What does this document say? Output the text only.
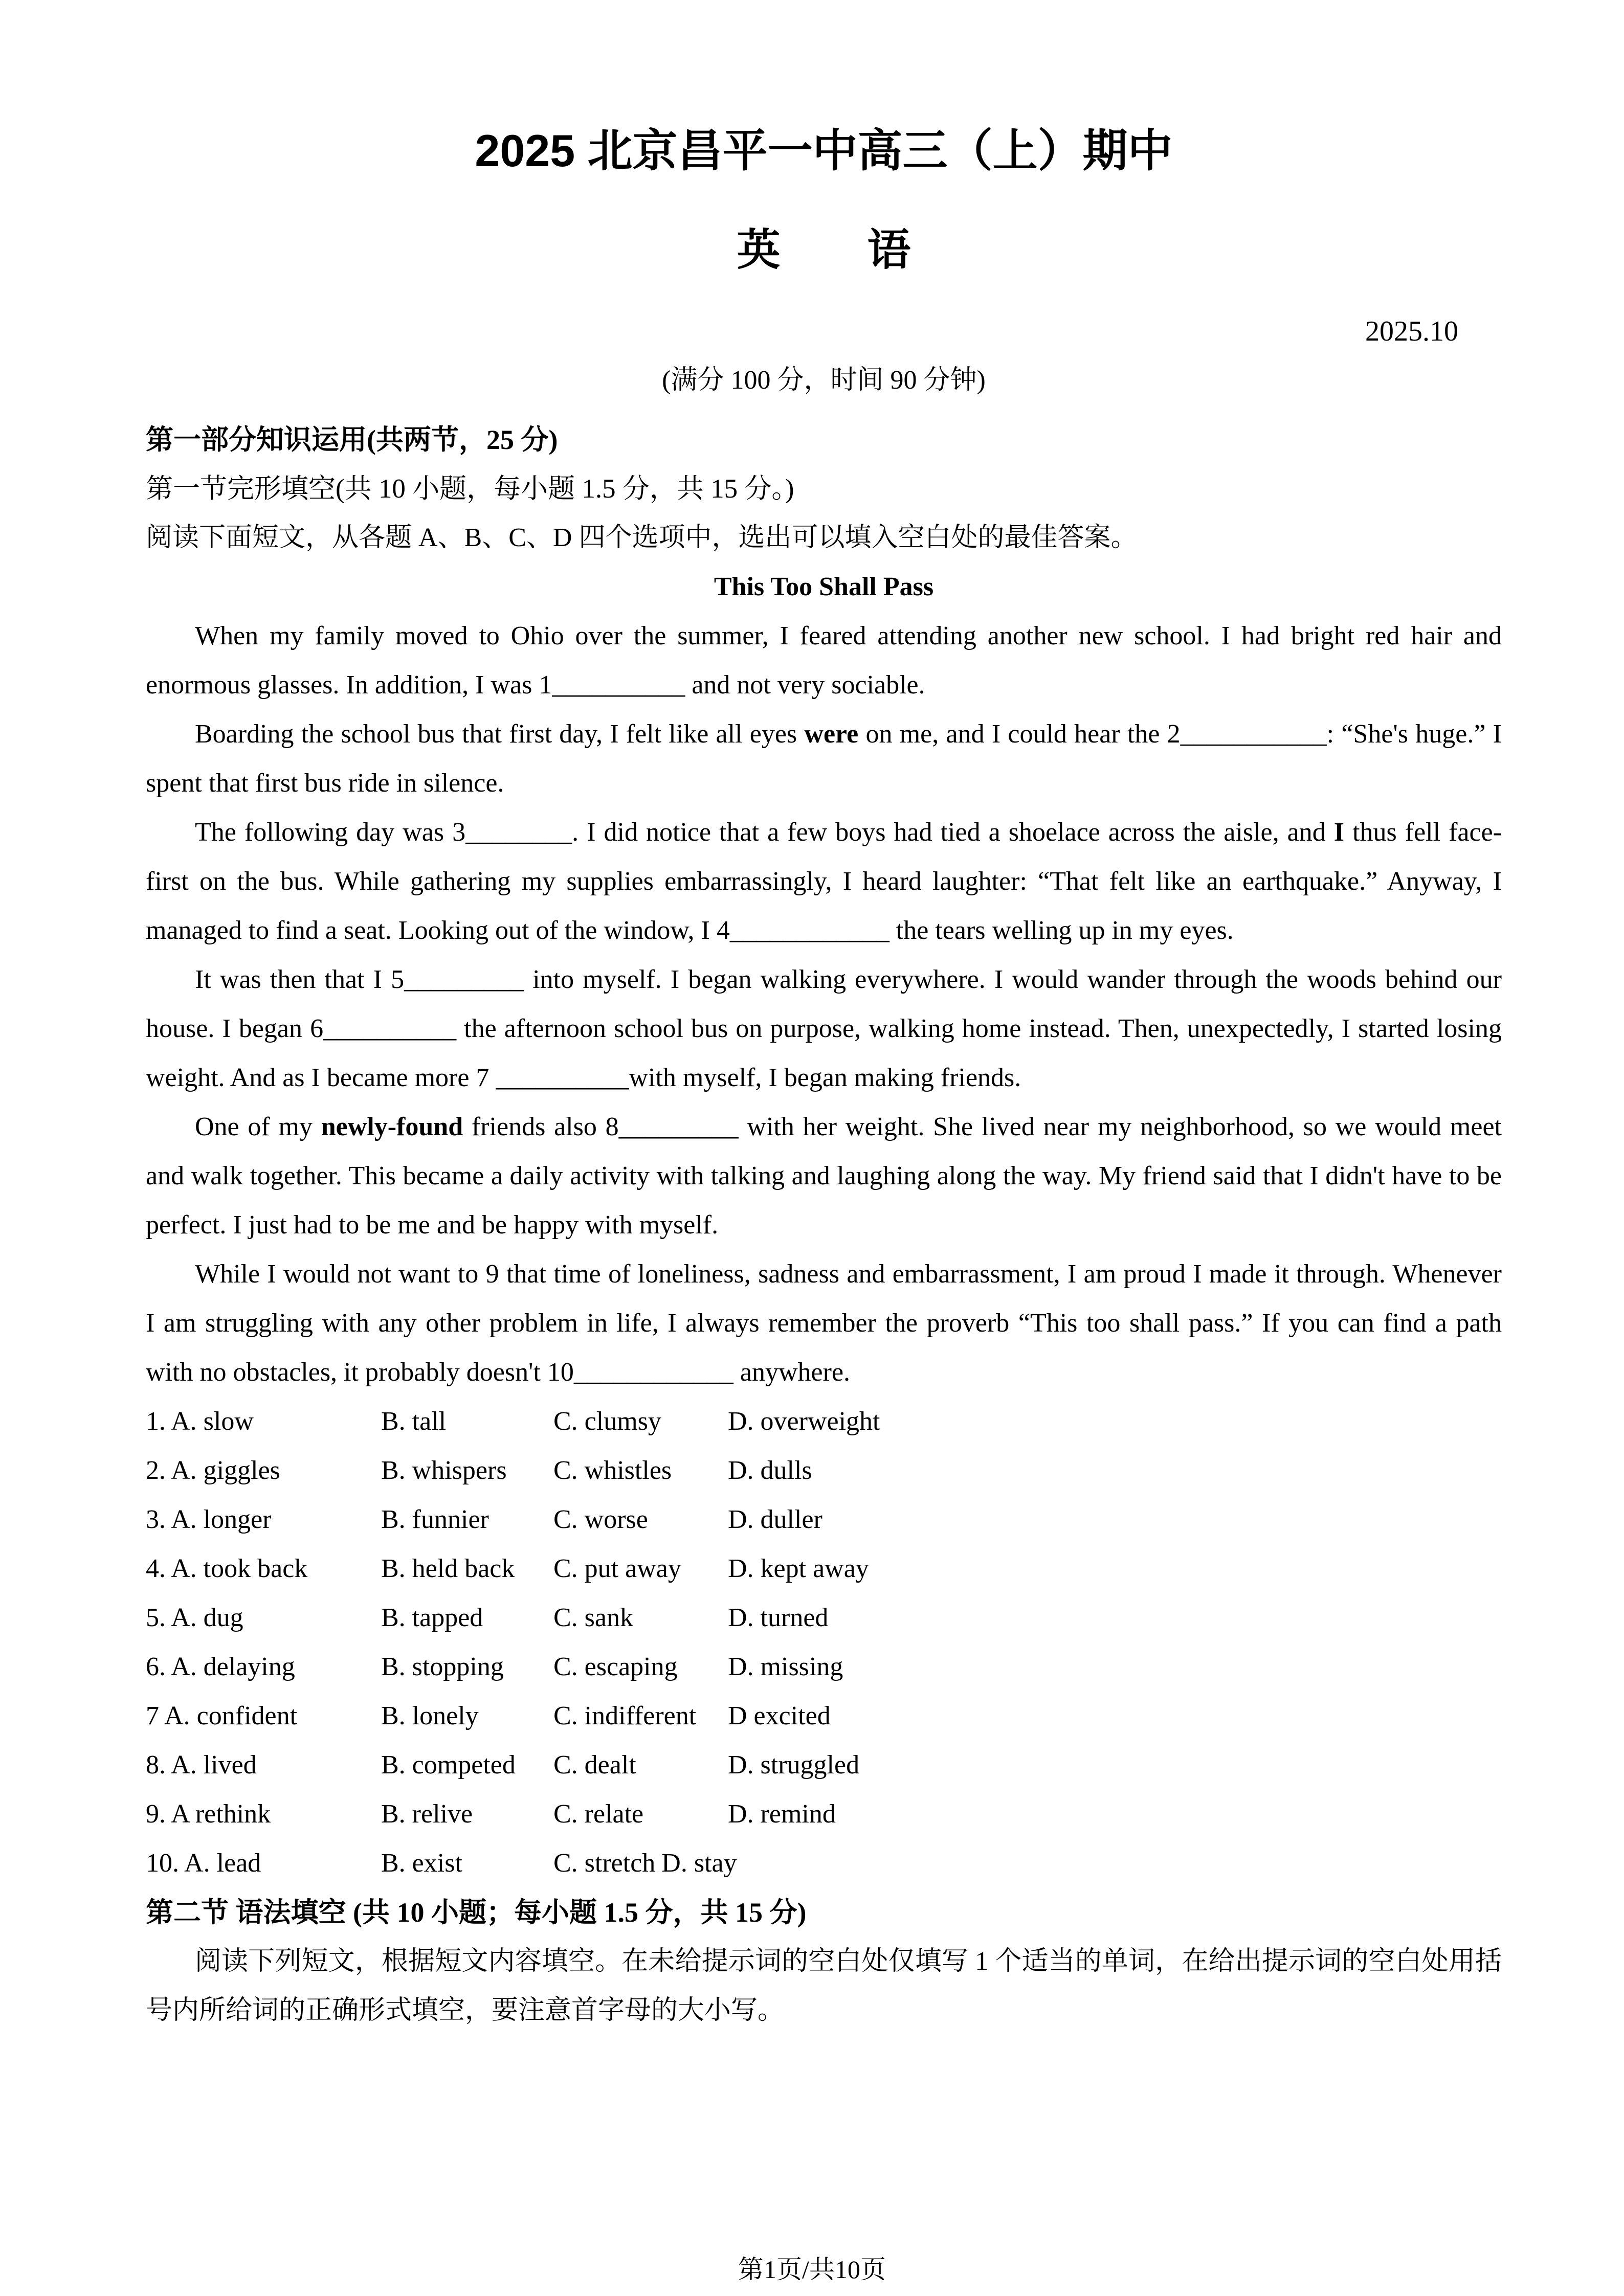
2025 北京昌平一中高三（上）期中
英　　语
2025.10
(满分 100 分，时间 90 分钟)
第一部分知识运用(共两节，25 分)
第一节完形填空(共 10 小题，每小题 1.5 分，共 15 分。)
阅读下面短文，从各题 A、B、C、D 四个选项中，选出可以填入空白处的最佳答案。
This Too Shall Pass

When my family moved to Ohio over the summer, I feared attending another new school. I had bright red hair and enormous glasses. In addition, I was 1__________ and not very sociable.

Boarding the school bus that first day, I felt like all eyes were on me, and I could hear the 2___________: “She's huge.” I spent that first bus ride in silence.

The following day was 3________. I did notice that a few boys had tied a shoelace across the aisle, and I thus fell face-first on the bus. While gathering my supplies embarrassingly, I heard laughter: “That felt like an earthquake.” Anyway, I managed to find a seat. Looking out of the window, I 4____________ the tears welling up in my eyes.

It was then that I 5_________ into myself. I began walking everywhere. I would wander through the woods behind our house. I began 6__________ the afternoon school bus on purpose, walking home instead. Then, unexpectedly, I started losing weight. And as I became more 7 __________with myself, I began making friends.

One of my newly-found friends also 8_________ with her weight. She lived near my neighborhood, so we would meet and walk together. This became a daily activity with talking and laughing along the way. My friend said that I didn't have to be perfect. I just had to be me and be happy with myself.

While I would not want to 9 that time of loneliness, sadness and embarrassment, I am proud I made it through. Whenever I am struggling with any other problem in life, I always remember the proverb “This too shall pass.” If you can find a path with no obstacles, it probably doesn't 10____________ anywhere.

1. A. slow	B. tall	C. clumsy	D. overweight
2. A. giggles	B. whispers	C. whistles	D. dulls
3. A. longer	B. funnier	C. worse	D. duller
4. A. took back	B. held back	C. put away	D. kept away
5. A. dug	B. tapped	C. sank	D. turned
6. A. delaying	B. stopping	C. escaping	D. missing
7 A. confident	B. lonely	C. indifferent	D excited
8. A. lived	B. competed	C. dealt	D. struggled
9. A rethink	B. relive	C. relate	D. remind
10. A. lead	B. exist	C. stretch D. stay
第二节 语法填空 (共 10 小题；每小题 1.5 分，共 15 分)

阅读下列短文，根据短文内容填空。在未给提示词的空白处仅填写 1 个适当的单词，在给出提示词的空白处用括号内所给词的正确形式填空，要注意首字母的大小写。

第1页/共10页
